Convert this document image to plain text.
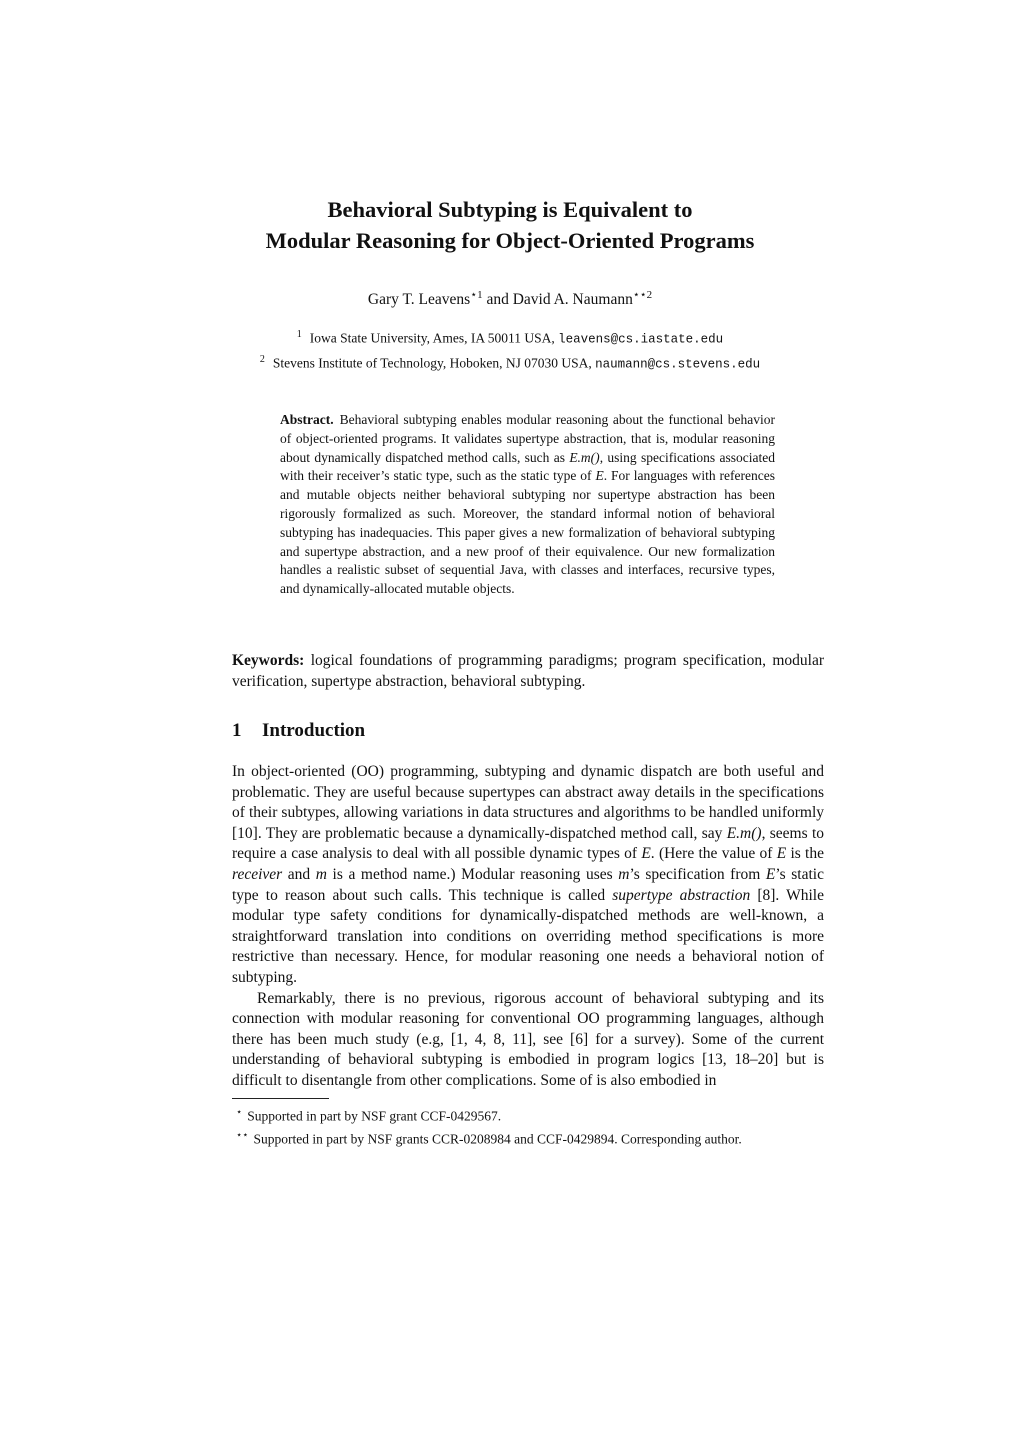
Behavioral Subtyping is Equivalent to
Modular Reasoning for Object-Oriented Programs

Gary T. Leavens$^{⋆1}$ and David A. Naumann$^{⋆⋆2}$

$^1$ Iowa State University, Ames, IA 50011 USA, leavens@cs.iastate.edu
$^2$ Stevens Institute of Technology, Hoboken, NJ 07030 USA, naumann@cs.stevens.edu

Abstract. Behavioral subtyping enables modular reasoning about the functional behavior of object-oriented programs. It validates supertype abstraction, that is, modular reasoning about dynamically dispatched method calls, such as E.m(), using specifications associated with their receiver’s static type, such as the static type of E. For languages with references and mutable objects neither behavioral subtyping nor supertype abstraction has been rigorously formalized as such. Moreover, the standard informal notion of behavioral subtyping has inadequacies. This paper gives a new formalization of behavioral subtyping and supertype abstraction, and a new proof of their equivalence. Our new formalization handles a realistic subset of sequential Java, with classes and interfaces, recursive types, and dynamically-allocated mutable objects.

Keywords: logical foundations of programming paradigms; program specification, modular verification, supertype abstraction, behavioral subtyping.

1 Introduction

In object-oriented (OO) programming, subtyping and dynamic dispatch are both useful and problematic. They are useful because supertypes can abstract away details in the specifications of their subtypes, allowing variations in data structures and algorithms to be handled uniformly [10]. They are problematic because a dynamically-dispatched method call, say E.m(), seems to require a case analysis to deal with all possible dynamic types of E. (Here the value of E is the receiver and m is a method name.) Modular reasoning uses m’s specification from E’s static type to reason about such calls. This technique is called supertype abstraction [8]. While modular type safety conditions for dynamically-dispatched methods are well-known, a straightforward translation into conditions on overriding method specifications is more restrictive than necessary. Hence, for modular reasoning one needs a behavioral notion of subtyping.

Remarkably, there is no previous, rigorous account of behavioral subtyping and its connection with modular reasoning for conventional OO programming languages, although there has been much study (e.g, [1, 4, 8, 11], see [6] for a survey). Some of the current understanding of behavioral subtyping is embodied in program logics [13, 18–20] but is difficult to disentangle from other complications. Some of is also embodied in

⋆ Supported in part by NSF grant CCF-0429567.
⋆⋆ Supported in part by NSF grants CCR-0208984 and CCF-0429894. Corresponding author.
